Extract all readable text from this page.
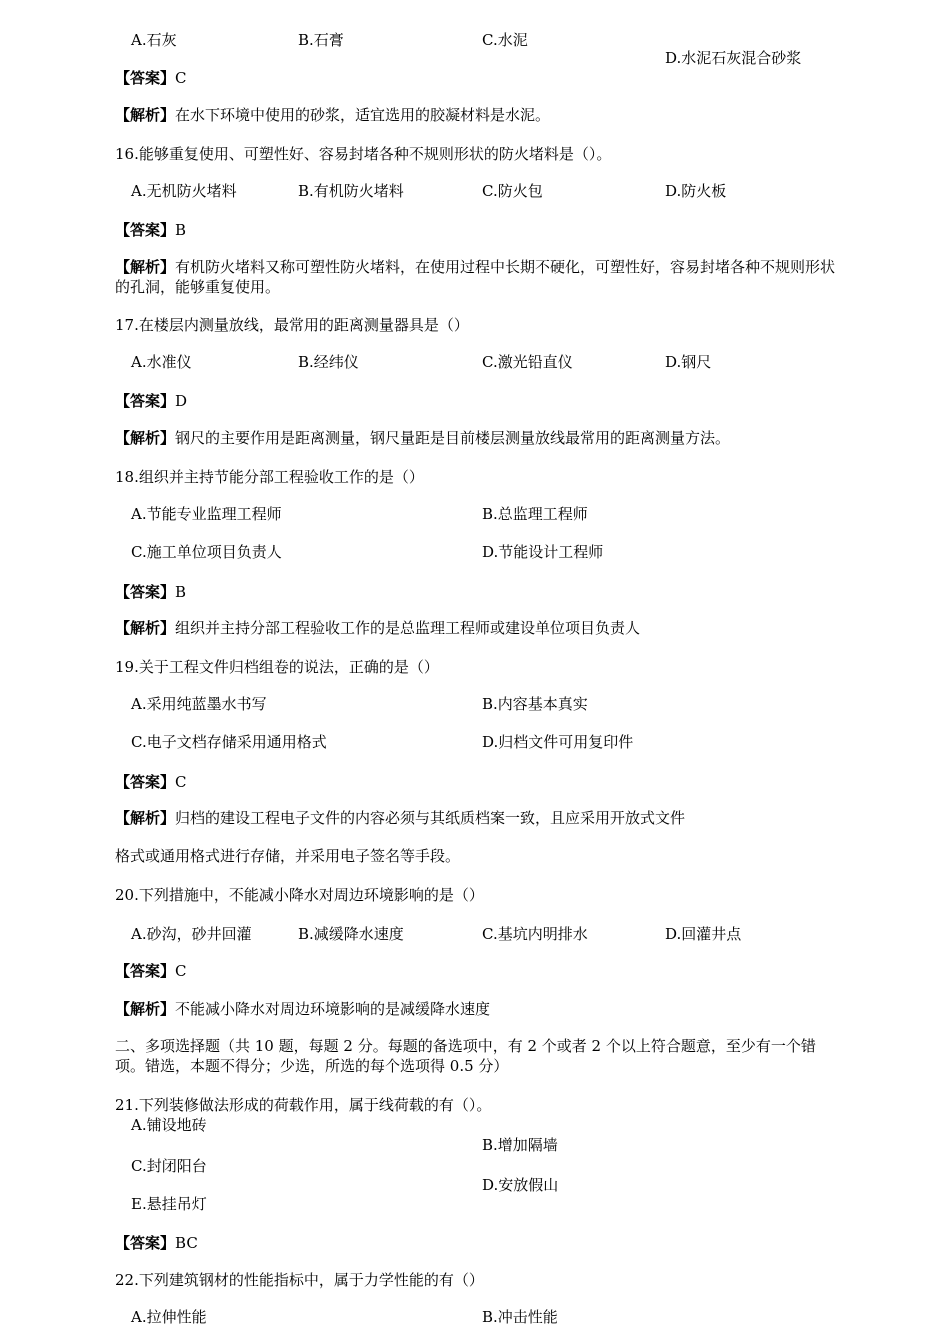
A.石灰	B.石膏	C.水泥
D.水泥石灰混合砂浆
【答案】C
【解析】在水下环境中使用的砂浆，适宜选用的胶凝材料是水泥。
16.能够重复使用、可塑性好、容易封堵各种不规则形状的防火堵料是（）。
A.无机防火堵料	B.有机防火堵料	C.防火包	D.防火板
【答案】B
【解析】有机防火堵料又称可塑性防火堵料，在使用过程中长期不硬化，可塑性好，容易封堵各种不规则形状的孔洞，能够重复使用。
17.在楼层内测量放线，最常用的距离测量器具是（）
A.水准仪	B.经纬仪	C.激光铅直仪	D.钢尺
【答案】D
【解析】钢尺的主要作用是距离测量，钢尺量距是目前楼层测量放线最常用的距离测量方法。
18.组织并主持节能分部工程验收工作的是（）
A.节能专业监理工程师	B.总监理工程师
C.施工单位项目负责人	D.节能设计工程师
【答案】B
【解析】组织并主持分部工程验收工作的是总监理工程师或建设单位项目负责人
19.关于工程文件归档组卷的说法，正确的是（）
A.采用纯蓝墨水书写	B.内容基本真实
C.电子文档存储采用通用格式	D.归档文件可用复印件
【答案】C
【解析】归档的建设工程电子文件的内容必须与其纸质档案一致，且应采用开放式文件
格式或通用格式进行存储，并采用电子签名等手段。
20.下列措施中，不能减小降水对周边环境影响的是（）
A.砂沟，砂井回灌	B.减缓降水速度	C.基坑内明排水	D.回灌井点
【答案】C
【解析】不能减小降水对周边环境影响的是减缓降水速度
二、多项选择题（共 10 题，每题 2 分。每题的备选项中，有 2 个或者 2 个以上符合题意，至少有一个错项。错选，本题不得分；少选，所选的每个选项得 0.5 分）
21.下列装修做法形成的荷载作用，属于线荷载的有（）。
A.铺设地砖
B.增加隔墙
C.封闭阳台
D.安放假山
E.悬挂吊灯
【答案】BC
22.下列建筑钢材的性能指标中，属于力学性能的有（）
A.拉伸性能	B.冲击性能
